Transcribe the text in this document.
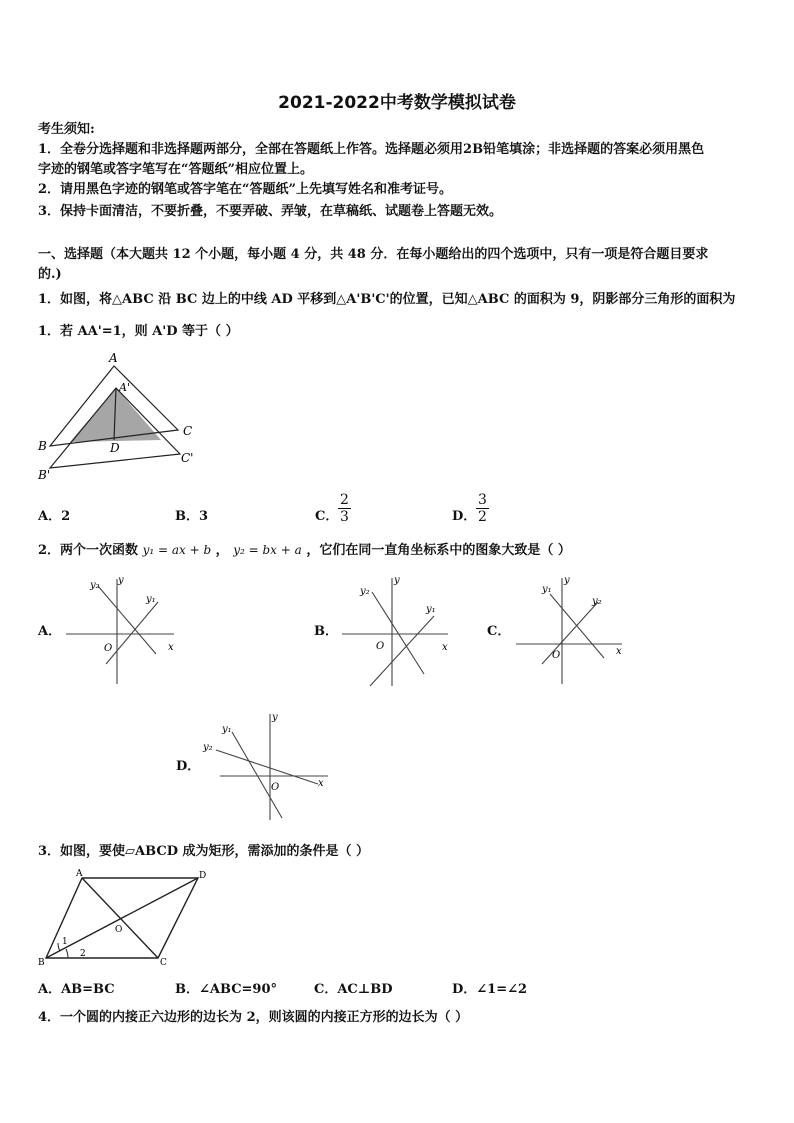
2021-2022中考数学模拟试卷
考生须知:
1．全卷分选择题和非选择题两部分，全部在答题纸上作答。选择题必须用2B铅笔填涂；非选择题的答案必须用黑色
字迹的钢笔或答字笔写在“答题纸”相应位置上。
2．请用黑色字迹的钢笔或答字笔在“答题纸”上先填写姓名和准考证号。
3．保持卡面清洁，不要折叠，不要弄破、弄皱，在草稿纸、试题卷上答题无效。
一、选择题（本大题共 12 个小题，每小题 4 分，共 48 分．在每小题给出的四个选项中，只有一项是符合题目要求
的.)
1．如图，将△ABC 沿 BC 边上的中线 AD 平移到△A'B'C'的位置，已知△ABC 的面积为 9，阴影部分三角形的面积为
1．若 AA'=1，则 A'D 等于（ ）
A
A'
B
C
D
B'
C'
A．2	B．3	C． $\frac{2}{3}$	D． $\frac{3}{2}$
2．两个一次函数 y₁ = ax + b ， y₂ = bx + a ，它们在同一直角坐标系中的图象大致是（ ）
A．	B．	C．
D．
y₂ y
y₁
O	x
y₂
y
y₁
O	x
y₁
y
y₂
O	x
y₁
y
y₂
O	x
3．如图，要使▱ABCD 成为矩形，需添加的条件是（ ）
A	D
O
B	C
1
2
A．AB=BC	B．∠ABC=90°	C．AC⊥BD	D．∠1=∠2
4．一个圆的内接正六边形的边长为 2，则该圆的内接正方形的边长为（ ）
